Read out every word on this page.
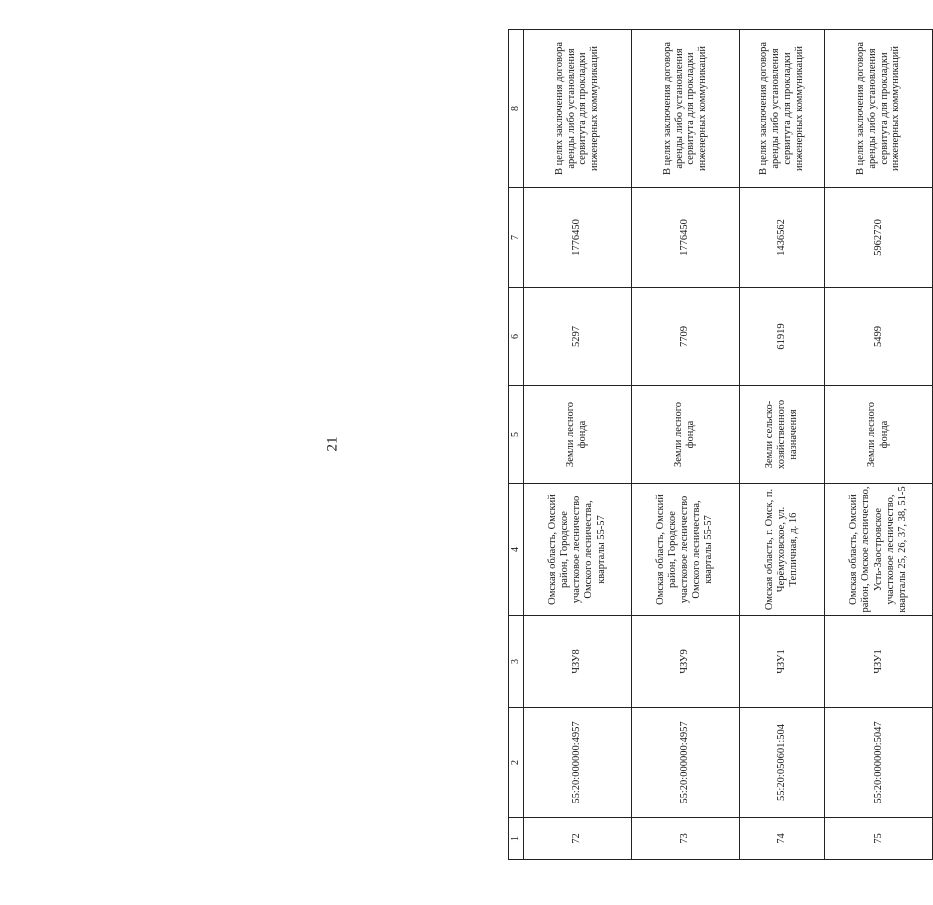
21
1	2	3	4	5	6	7	8
72	55:20:000000:4957	ЧЗУ8	Омская область, Омский район, Городское участковое лесничество Омского лесничества, кварталы 55-57	Земли лесного фонда	5297	1776450	В целях заключения договора аренды либо установления сервитута для прокладки инженерных коммуникаций
73	55:20:000000:4957	ЧЗУ9	Омская область, Омский район, Городское участковое лесничество Омского лесничества, кварталы 55-57	Земли лесного фонда	7709	1776450	В целях заключения договора аренды либо установления сервитута для прокладки инженерных коммуникаций
74	55:20:050601:504	ЧЗУ1	Омская область, г. Омск, п. Черёмуховское, ул. Тепличная, д. 16	Земли сельско-хозяйственного назначения	61919	1436562	В целях заключения договора аренды либо установления сервитута для прокладки инженерных коммуникаций
75	55:20:000000:5047	ЧЗУ1	Омская область, Омский район, Омское лесничество, Усть-Заостровское участковое лесничество, кварталы 25, 26, 37, 38, 51-5	Земли лесного фонда	5499	5962720	В целях заключения договора аренды либо установления сервитута для прокладки инженерных коммуникаций
